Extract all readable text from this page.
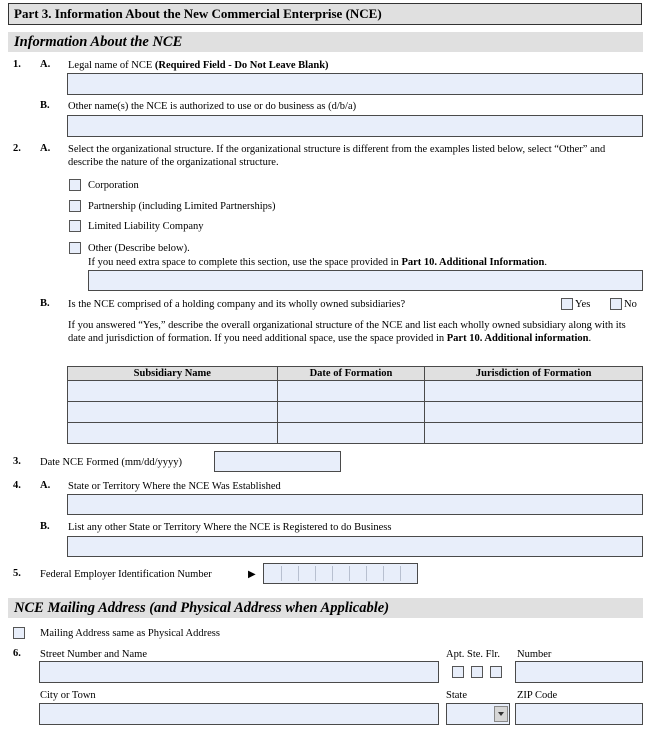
Part 3. Information About the New Commercial Enterprise (NCE)
Information About the NCE
1. A. Legal name of NCE (Required Field - Do Not Leave Blank)
B. Other name(s) the NCE is authorized to use or do business as (d/b/a)
2. A. Select the organizational structure. If the organizational structure is different from the examples listed below, select “Other” and describe the nature of the organizational structure.
Corporation
Partnership (including Limited Partnerships)
Limited Liability Company
Other (Describe below).
If you need extra space to complete this section, use the space provided in Part 10. Additional Information.
B. Is the NCE comprised of a holding company and its wholly owned subsidiaries?	Yes	No
If you answered “Yes,” describe the overall organizational structure of the NCE and list each wholly owned subsidiary along with its date and jurisdiction of formation. If you need additional space, use the space provided in Part 10. Additional information.
Subsidiary Name	Date of Formation	Jurisdiction of Formation

3. Date NCE Formed (mm/dd/yyyy)
4. A. State or Territory Where the NCE Was Established
B. List any other State or Territory Where the NCE is Registered to do Business
5. Federal Employer Identification Number	▶
NCE Mailing Address (and Physical Address when Applicable)
Mailing Address same as Physical Address
6. Street Number and Name	Apt. Ste. Flr. Number
City or Town	State	ZIP Code
